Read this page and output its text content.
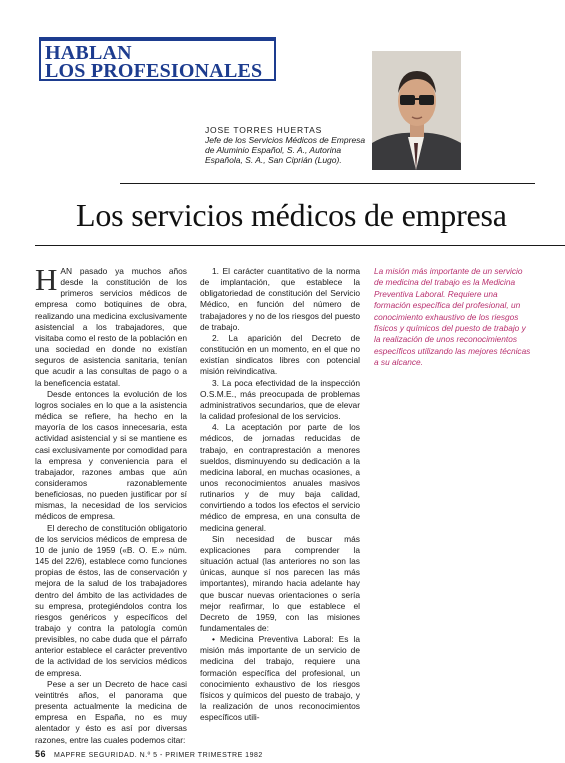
HABLAN
LOS PROFESIONALES
JOSE TORRES HUERTAS
Jefe de los Servicios Médicos de Empresa de Aluminio Español, S. A., Autorina Española, S. A., San Ciprián (Lugo).
Los servicios médicos de empresa

HAN pasado ya muchos años desde la constitución de los primeros servicios médicos de empresa como botiquines de obra, realizando una medicina exclusivamente asistencial a los trabajadores, que visitaba como el resto de la población en una sociedad en donde no existían seguros de asistencia sanitaria, tenían que acudir a las consultas de pago o a la beneficencia estatal.

Desde entonces la evolución de los logros sociales en lo que a la asistencia médica se refiere, ha hecho en la mayoría de los casos innecesaria, esta actividad asistencial y si se mantiene es casi exclusivamente por comodidad para la empresa y conveniencia para el trabajador, razones ambas que aún consideramos razonablemente beneficiosas, no pueden justificar por sí mismas, la necesidad de los servicios médicos de empresa.

El derecho de constitución obligatorio de los servicios médicos de empresa de 10 de junio de 1959 («B. O. E.» núm. 145 del 22/6), establece como funciones propias de éstos, las de conservación y mejora de la salud de los trabajadores dentro del ámbito de las actividades de su empresa, protegiéndolos contra los riesgos genéricos y específicos del trabajo y contra la patología común previsibles, no cabe duda que el párrafo anterior establece el carácter preventivo de la actividad de los servicios médicos de empresa.

Pese a ser un Decreto de hace casi veintitrés años, el panorama que presenta actualmente la medicina de empresa en España, no es muy alentador y ésto es así por diversas razones, entre las cuales podemos citar:

1. El carácter cuantitativo de la norma de implantación, que establece la obligatoriedad de constitución del Servicio Médico, en función del número de trabajadores y no de los riesgos del puesto de trabajo.

2. La aparición del Decreto de constitución en un momento, en el que no existían sindicatos libres con potencial misión reivindicativa.

3. La poca efectividad de la inspección O.S.M.E., más preocupada de problemas administrativos secundarios, que de elevar la calidad profesional de los servicios.

4. La aceptación por parte de los médicos, de jornadas reducidas de trabajo, en contraprestación a menores sueldos, disminuyendo su dedicación a la medicina laboral, en muchas ocasiones, a unos reconocimientos anuales masivos rutinarios y de muy baja calidad, convirtiendo a todos los efectos el servicio médico de empresa, en una consulta de medicina general.

Sin necesidad de buscar más explicaciones para comprender la situación actual (las anteriores no son las únicas, aunque sí nos parecen las más importantes), mirando hacia adelante hay que buscar nuevas orientaciones o sería mejor reafirmar, lo que establece el Decreto de 1959, con las misiones fundamentales de:

• Medicina Preventiva Laboral: Es la misión más importante de un servicio de medicina del trabajo, requiere una formación específica del profesional, un conocimiento exhaustivo de los riesgos físicos y químicos del puesto de trabajo, y la realización de unos reconocimientos específicos utili-

La misión más importante de un servicio de medicina del trabajo es la Medicina Preventiva Laboral. Requiere una formación específica del profesional, un conocimiento exhaustivo de los riesgos físicos y químicos del puesto de trabajo y la realización de unos reconocimientos específicos utilizando las mejores técnicas a su alcance.
56 MAPFRE SEGURIDAD. N.º 5 - PRIMER TRIMESTRE 1982
